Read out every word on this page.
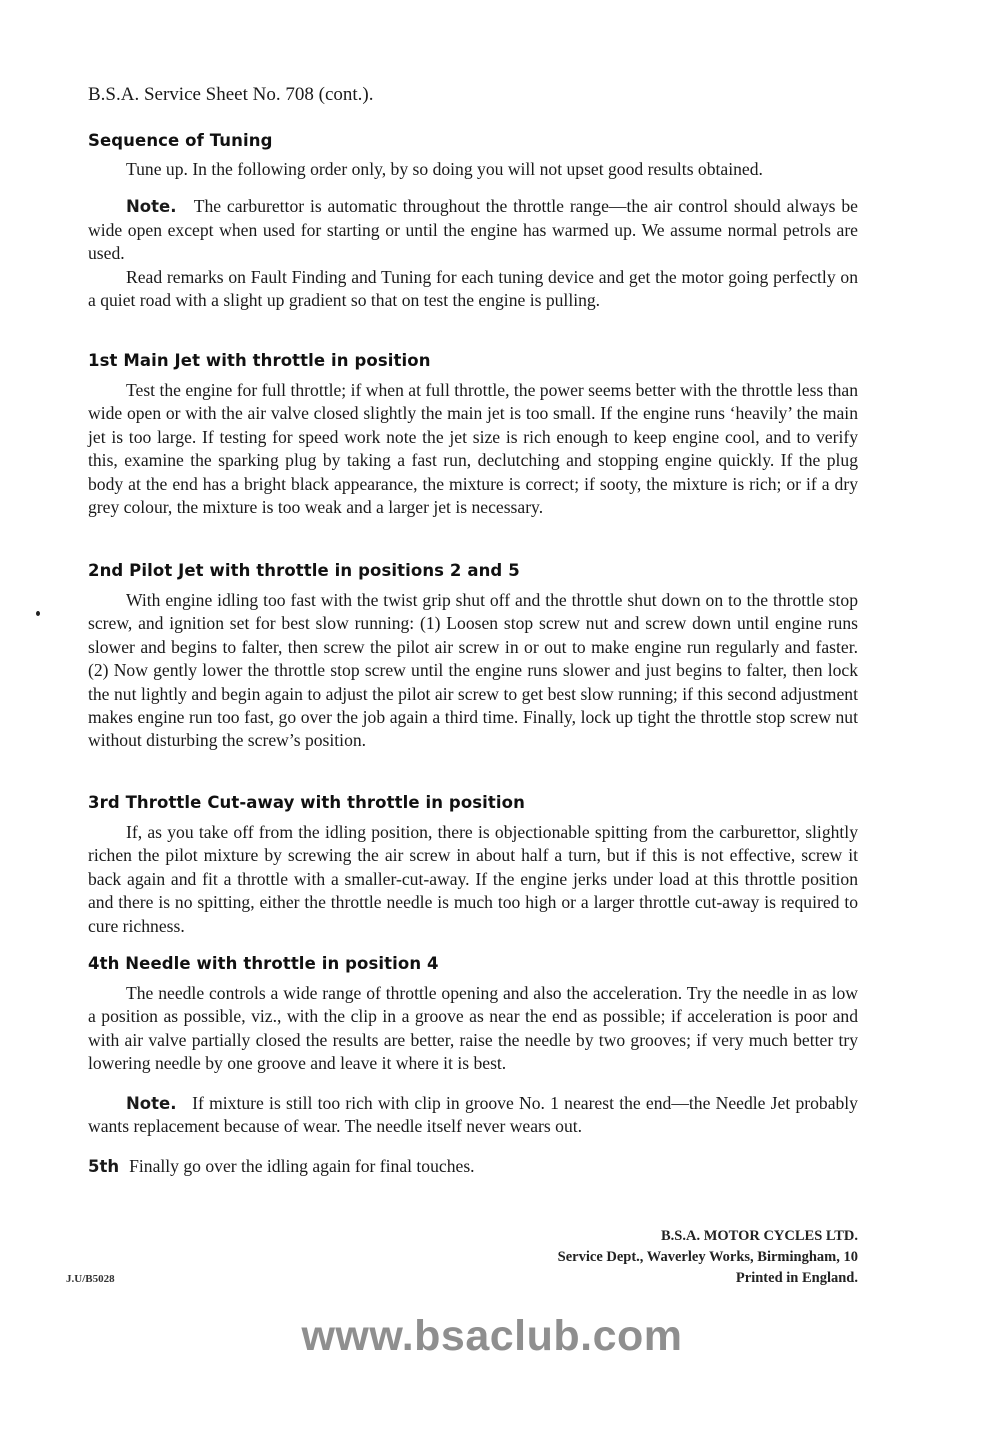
B.S.A. Service Sheet No. 708 (cont.).
Sequence of Tuning

Tune up. In the following order only, by so doing you will not upset good results obtained.

Note. The carburettor is automatic throughout the throttle range—the air control should always be wide open except when used for starting or until the engine has warmed up. We assume normal petrols are used.

Read remarks on Fault Finding and Tuning for each tuning device and get the motor going perfectly on a quiet road with a slight up gradient so that on test the engine is pulling.

1st Main Jet with throttle in position

Test the engine for full throttle; if when at full throttle, the power seems better with the throttle less than wide open or with the air valve closed slightly the main jet is too small. If the engine runs ‘heavily’ the main jet is too large. If testing for speed work note the jet size is rich enough to keep engine cool, and to verify this, examine the sparking plug by taking a fast run, declutching and stopping engine quickly. If the plug body at the end has a bright black appearance, the mixture is correct; if sooty, the mixture is rich; or if a dry grey colour, the mixture is too weak and a larger jet is necessary.

2nd Pilot Jet with throttle in positions 2 and 5

With engine idling too fast with the twist grip shut off and the throttle shut down on to the throttle stop screw, and ignition set for best slow running: (1) Loosen stop screw nut and screw down until engine runs slower and begins to falter, then screw the pilot air screw in or out to make engine run regularly and faster. (2) Now gently lower the throttle stop screw until the engine runs slower and just begins to falter, then lock the nut lightly and begin again to adjust the pilot air screw to get best slow running; if this second adjustment makes engine run too fast, go over the job again a third time. Finally, lock up tight the throttle stop screw nut without disturbing the screw’s position.

3rd Throttle Cut-away with throttle in position

If, as you take off from the idling position, there is objectionable spitting from the carburettor, slightly richen the pilot mixture by screwing the air screw in about half a turn, but if this is not effective, screw it back again and fit a throttle with a smaller-cut-away. If the engine jerks under load at this throttle position and there is no spitting, either the throttle needle is much too high or a larger throttle cut-away is required to cure richness.

4th Needle with throttle in position 4

The needle controls a wide range of throttle opening and also the acceleration. Try the needle in as low a position as possible, viz., with the clip in a groove as near the end as possible; if acceleration is poor and with air valve partially closed the results are better, raise the needle by two grooves; if very much better try lowering needle by one groove and leave it where it is best.

Note. If mixture is still too rich with clip in groove No. 1 nearest the end—the Needle Jet probably wants replacement because of wear. The needle itself never wears out.

5th Finally go over the idling again for final touches.

B.S.A. MOTOR CYCLES LTD.
Service Dept., Waverley Works, Birmingham, 10
Printed in England.
J.U/B5028
www.bsaclub.com
